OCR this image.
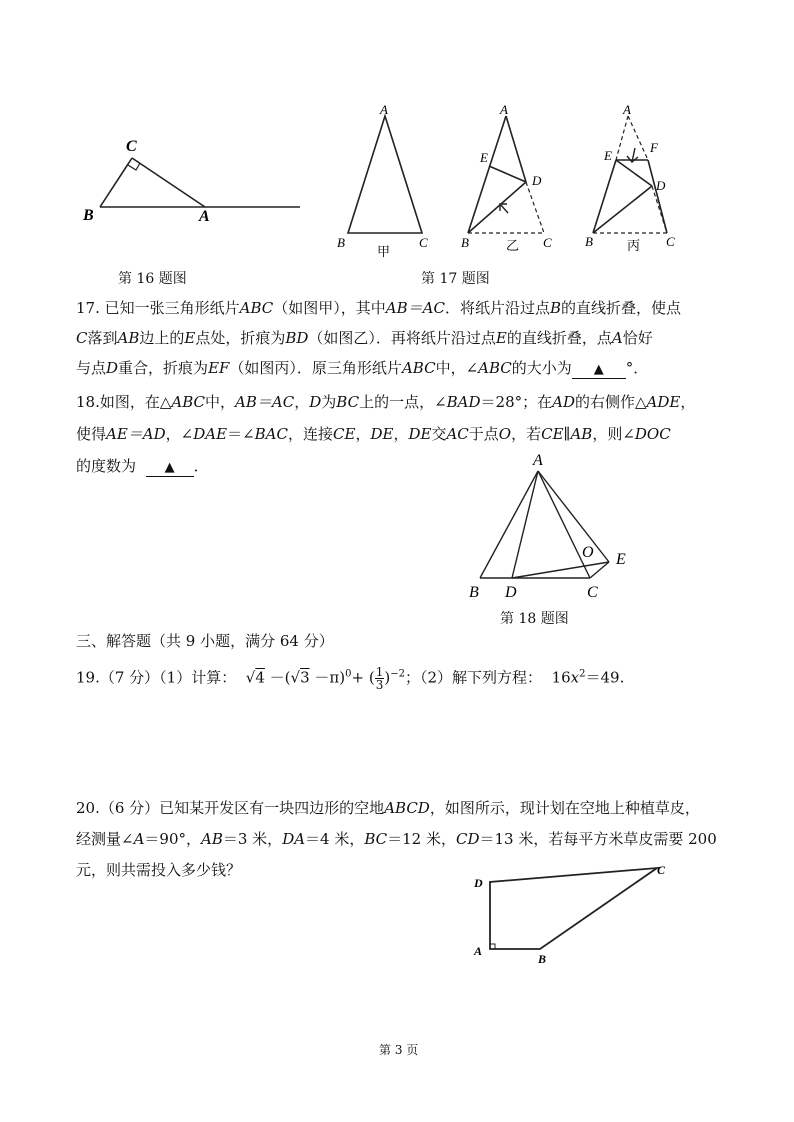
C
B	A
第 16 题图
A
B	C
甲
A
E
D
B	C
乙
A
F
E
D
B	C
丙
第 17 题图
17. 已知一张三角形纸片ABC（如图甲），其中AB＝AC．将纸片沿过点B的直线折叠，使点
C落到AB边上的E点处，折痕为BD（如图乙）．再将纸片沿过点E的直线折叠，点A恰好
与点D重合，折痕为EF（如图丙）．原三角形纸片ABC中，∠ABC的大小为 ▲ °．
18.如图，在△ABC中，AB＝AC，D为BC上的一点，∠BAD＝28°；在AD的右侧作△ADE，
使得AE＝AD，∠DAE＝∠BAC，连接CE，DE，DE交AC于点O，若CE∥AB，则∠DOC
的度数为 ▲ ．	A
O E
B D	C
第 18 题图
三、解答题（共 9 小题，满分 64 分）
19.（7 分）（1）计算： $√4 -(√3 -\pi)^0+$ ( $\frac{1}{3} )^{-2}$；（2）解下列方程： $16x^2=49$.
20.（6 分）已知某开发区有一块四边形的空地ABCD，如图所示，现计划在空地上种植草皮，
经测量∠A＝90°，AB＝3 米，DA＝4 米，BC＝12 米，CD＝13 米，若每平方米草皮需要 200
元，则共需投入多少钱？
D
A
B
C
第 3 页
